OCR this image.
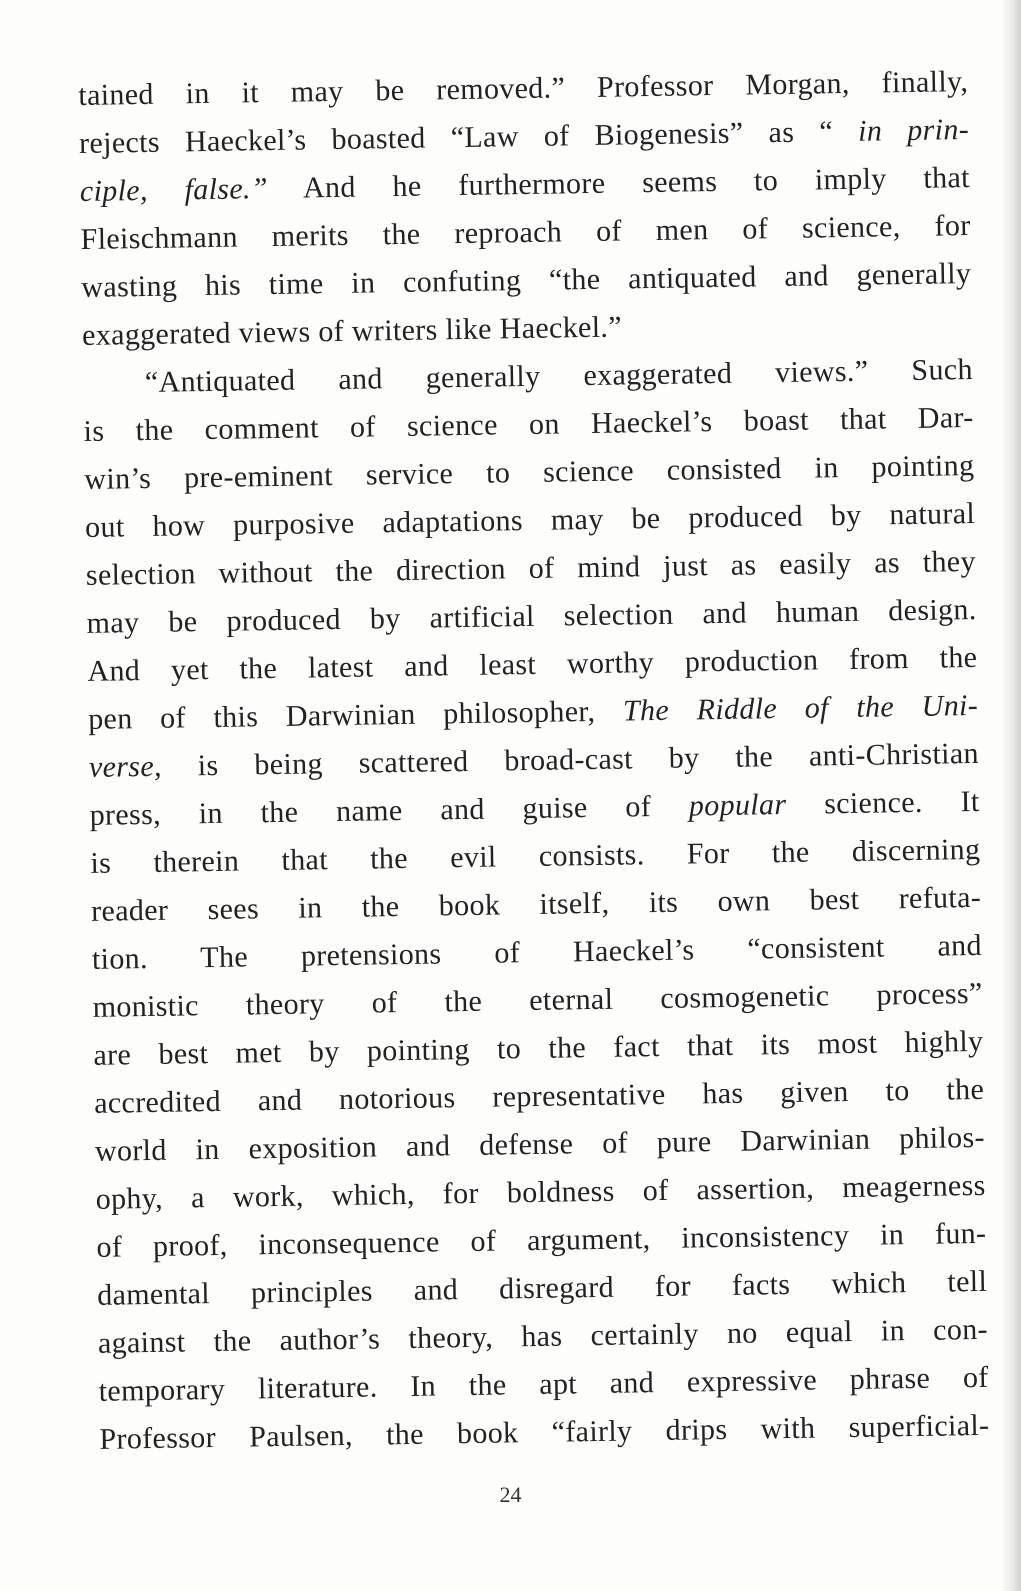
tained in it may be removed.” Professor Morgan, finally,
rejects Haeckel’s boasted “Law of Biogenesis” as “ in prin-
ciple, false.” And he furthermore seems to imply that
Fleischmann merits the reproach of men of science, for
wasting his time in confuting “the antiquated and generally
exaggerated views of writers like Haeckel.”
“Antiquated and generally exaggerated views.” Such
is the comment of science on Haeckel’s boast that Dar-
win’s pre-eminent service to science consisted in pointing
out how purposive adaptations may be produced by natural
selection without the direction of mind just as easily as they
may be produced by artificial selection and human design.
And yet the latest and least worthy production from the
pen of this Darwinian philosopher, The Riddle of the Uni-
verse, is being scattered broad-cast by the anti-Christian
press, in the name and guise of popular science. It
is therein that the evil consists. For the discerning
reader sees in the book itself, its own best refuta-
tion. The pretensions of Haeckel’s “consistent and
monistic theory of the eternal cosmogenetic process”
are best met by pointing to the fact that its most highly
accredited and notorious representative has given to the
world in exposition and defense of pure Darwinian philos-
ophy, a work, which, for boldness of assertion, meagerness
of proof, inconsequence of argument, inconsistency in fun-
damental principles and disregard for facts which tell
against the author’s theory, has certainly no equal in con-
temporary literature. In the apt and expressive phrase of
Professor Paulsen, the book “fairly drips with superficial-
24
